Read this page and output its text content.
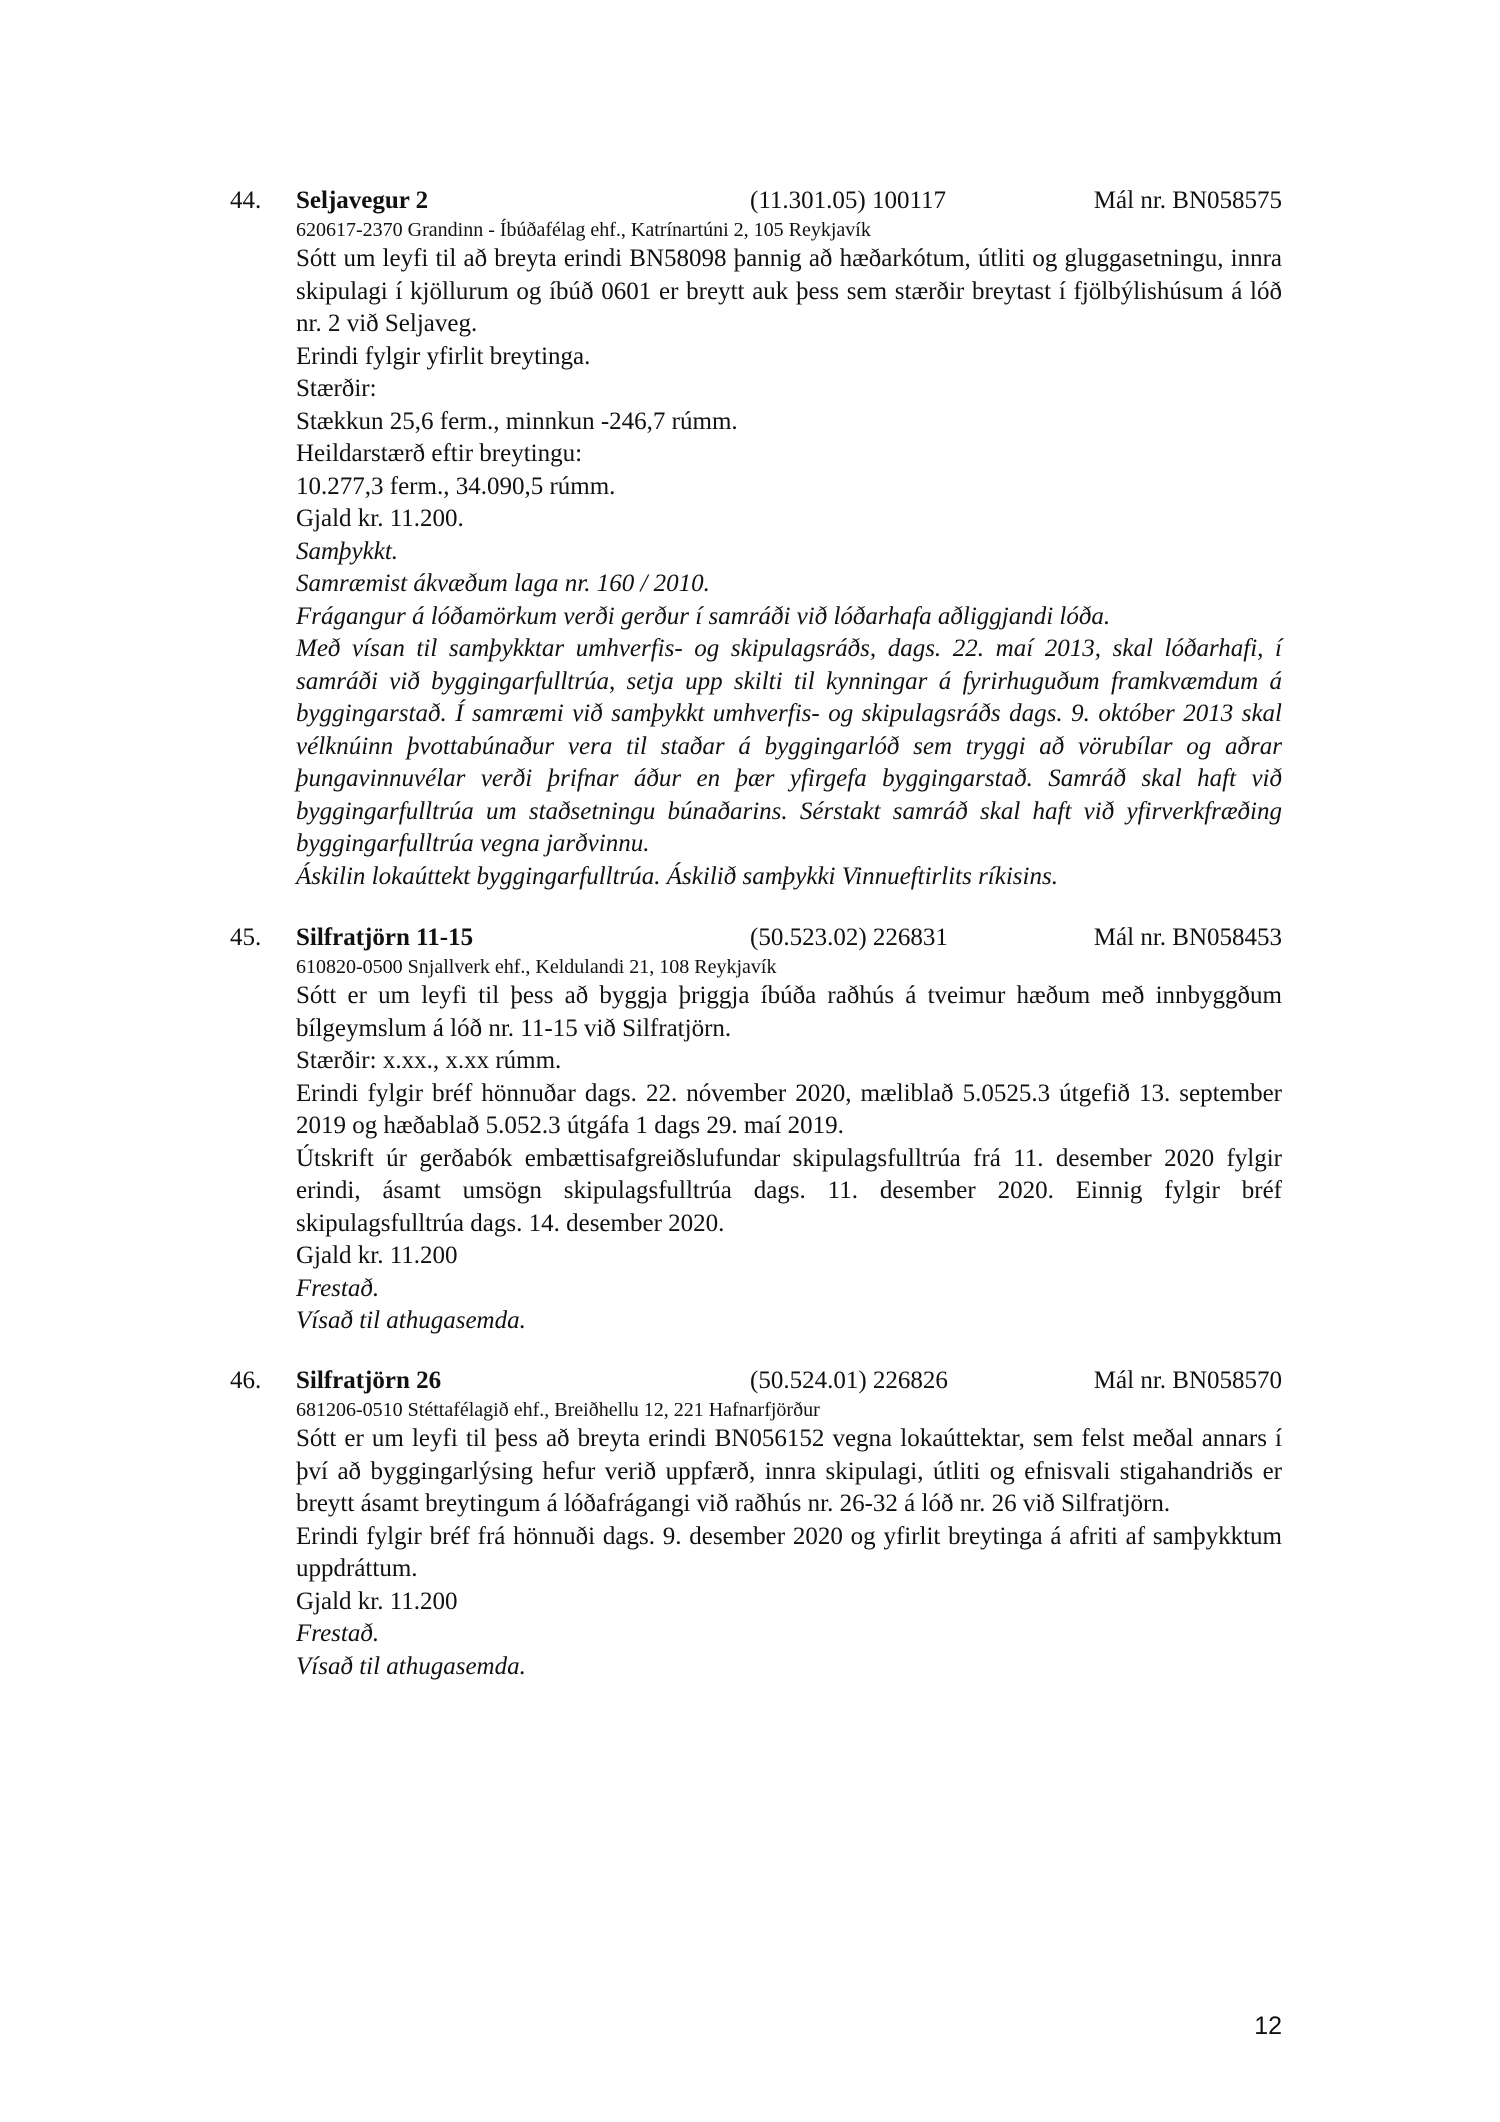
44. Seljavegur 2	(11.301.05) 100117	Mál nr. BN058575
620617-2370 Grandinn - Íbúðafélag ehf., Katrínartúni 2, 105 Reykjavík

Sótt um leyfi til að breyta erindi BN58098 þannig að hæðarkótum, útliti og gluggasetningu, innra skipulagi í kjöllurum og íbúð 0601 er breytt auk þess sem stærðir breytast í fjölbýlishúsum á lóð nr. 2 við Seljaveg.

Erindi fylgir yfirlit breytinga.

Stærðir:

Stækkun 25,6 ferm., minnkun -246,7 rúmm.

Heildarstærð eftir breytingu:

10.277,3 ferm., 34.090,5 rúmm.

Gjald kr. 11.200.

Samþykkt.

Samræmist ákvæðum laga nr. 160 / 2010.

Frágangur á lóðamörkum verði gerður í samráði við lóðarhafa aðliggjandi lóða.

Með vísan til samþykktar umhverfis- og skipulagsráðs, dags. 22. maí 2013, skal lóðarhafi, í samráði við byggingarfulltrúa, setja upp skilti til kynningar á fyrirhuguðum framkvæmdum á byggingarstað. Í samræmi við samþykkt umhverfis- og skipulagsráðs dags. 9. október 2013 skal vélknúinn þvottabúnaður vera til staðar á byggingarlóð sem tryggi að vörubílar og aðrar þungavinnuvélar verði þrifnar áður en þær yfirgefa byggingarstað. Samráð skal haft við byggingarfulltrúa um staðsetningu búnaðarins. Sérstakt samráð skal haft við yfirverkfræðing byggingarfulltrúa vegna jarðvinnu.

Áskilin lokaúttekt byggingarfulltrúa. Áskilið samþykki Vinnueftirlits ríkisins.

45. Silfratjörn 11-15	(50.523.02) 226831	Mál nr. BN058453
610820-0500 Snjallverk ehf., Keldulandi 21, 108 Reykjavík

Sótt er um leyfi til þess að byggja þriggja íbúða raðhús á tveimur hæðum með innbyggðum bílgeymslum á lóð nr. 11-15 við Silfratjörn.

Stærðir: x.xx., x.xx rúmm.

Erindi fylgir bréf hönnuðar dags. 22. nóvember 2020, mæliblað 5.0525.3 útgefið 13. september 2019 og hæðablað 5.052.3 útgáfa 1 dags 29. maí 2019.

Útskrift úr gerðabók embættisafgreiðslufundar skipulagsfulltrúa frá 11. desember 2020 fylgir erindi, ásamt umsögn skipulagsfulltrúa dags. 11. desember 2020. Einnig fylgir bréf skipulagsfulltrúa dags. 14. desember 2020.

Gjald kr. 11.200

Frestað.

Vísað til athugasemda.

46. Silfratjörn 26	(50.524.01) 226826	Mál nr. BN058570
681206-0510 Stéttafélagið ehf., Breiðhellu 12, 221 Hafnarfjörður

Sótt er um leyfi til þess að breyta erindi BN056152 vegna lokaúttektar, sem felst meðal annars í því að byggingarlýsing hefur verið uppfærð, innra skipulagi, útliti og efnisvali stigahandriðs er breytt ásamt breytingum á lóðafrágangi við raðhús nr. 26-32 á lóð nr. 26 við Silfratjörn.

Erindi fylgir bréf frá hönnuði dags. 9. desember 2020 og yfirlit breytinga á afriti af samþykktum uppdráttum.

Gjald kr. 11.200

Frestað.

Vísað til athugasemda.

12
